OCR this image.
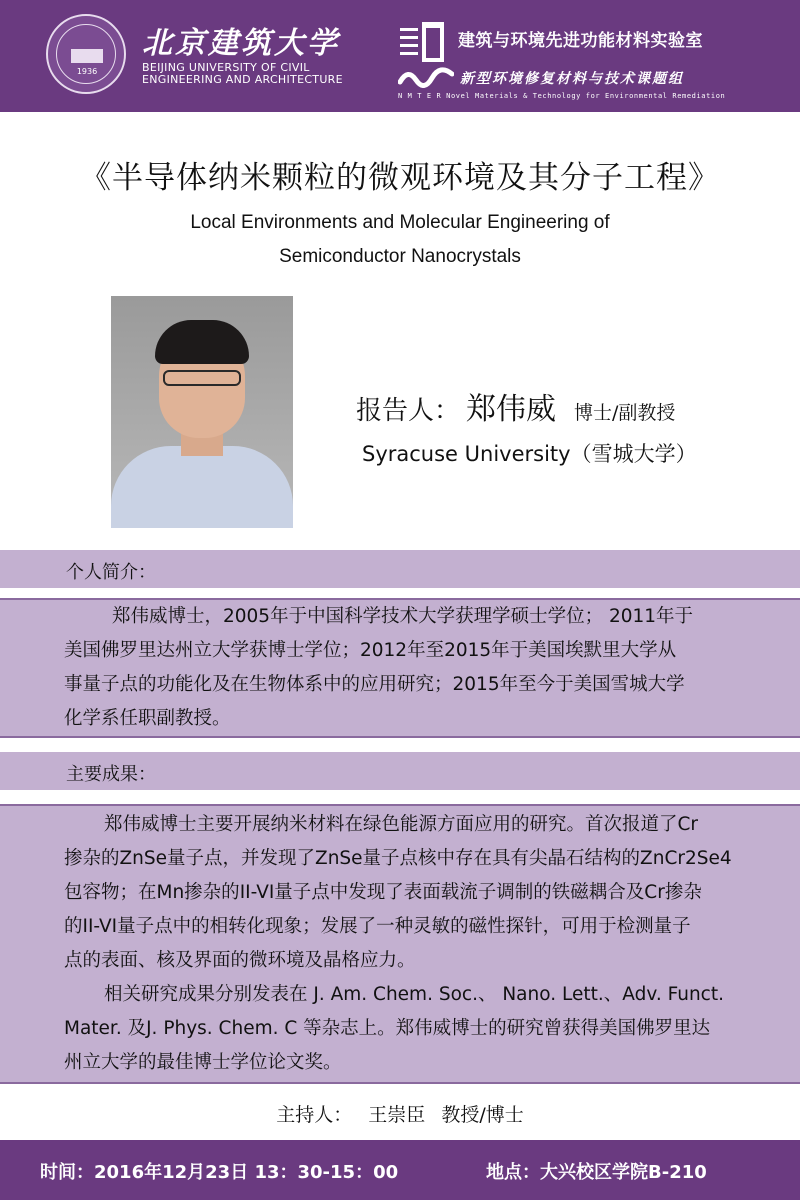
1936
北京建筑大学
BEIJING UNIVERSITY OF CIVIL
ENGINEERING AND ARCHITECTURE
建筑与环境先进功能材料实验室
新型环境修复材料与技术课题组
N M T E R Novel Materials & Technology for Environmental Remediation
《半导体纳米颗粒的微观环境及其分子工程》
Local Environments and Molecular Engineering of
Semiconductor Nanocrystals
报告人： 郑伟威 博士/副教授
Syracuse University（雪城大学）
个人简介：
郑伟威博士，2005年于中国科学技术大学获理学硕士学位； 2011年于
美国佛罗里达州立大学获博士学位；2012年至2015年于美国埃默里大学从
事量子点的功能化及在生物体系中的应用研究；2015年至今于美国雪城大学
化学系任职副教授。
主要成果：
郑伟威博士主要开展纳米材料在绿色能源方面应用的研究。首次报道了Cr
掺杂的ZnSe量子点，并发现了ZnSe量子点核中存在具有尖晶石结构的ZnCr2Se4
包容物；在Mn掺杂的II-VI量子点中发现了表面载流子调制的铁磁耦合及Cr掺杂
的II-VI量子点中的相转化现象；发展了一种灵敏的磁性探针，可用于检测量子
点的表面、核及界面的微环境及晶格应力。
相关研究成果分别发表在 J. Am. Chem. Soc.、 Nano. Lett.、Adv. Funct.
Mater. 及J. Phys. Chem. C 等杂志上。郑伟威博士的研究曾获得美国佛罗里达
州立大学的最佳博士学位论文奖。
主持人： 王崇臣 教授/博士
时间：2016年12月23日 13：30-15：00	地点：大兴校区学院B-210
